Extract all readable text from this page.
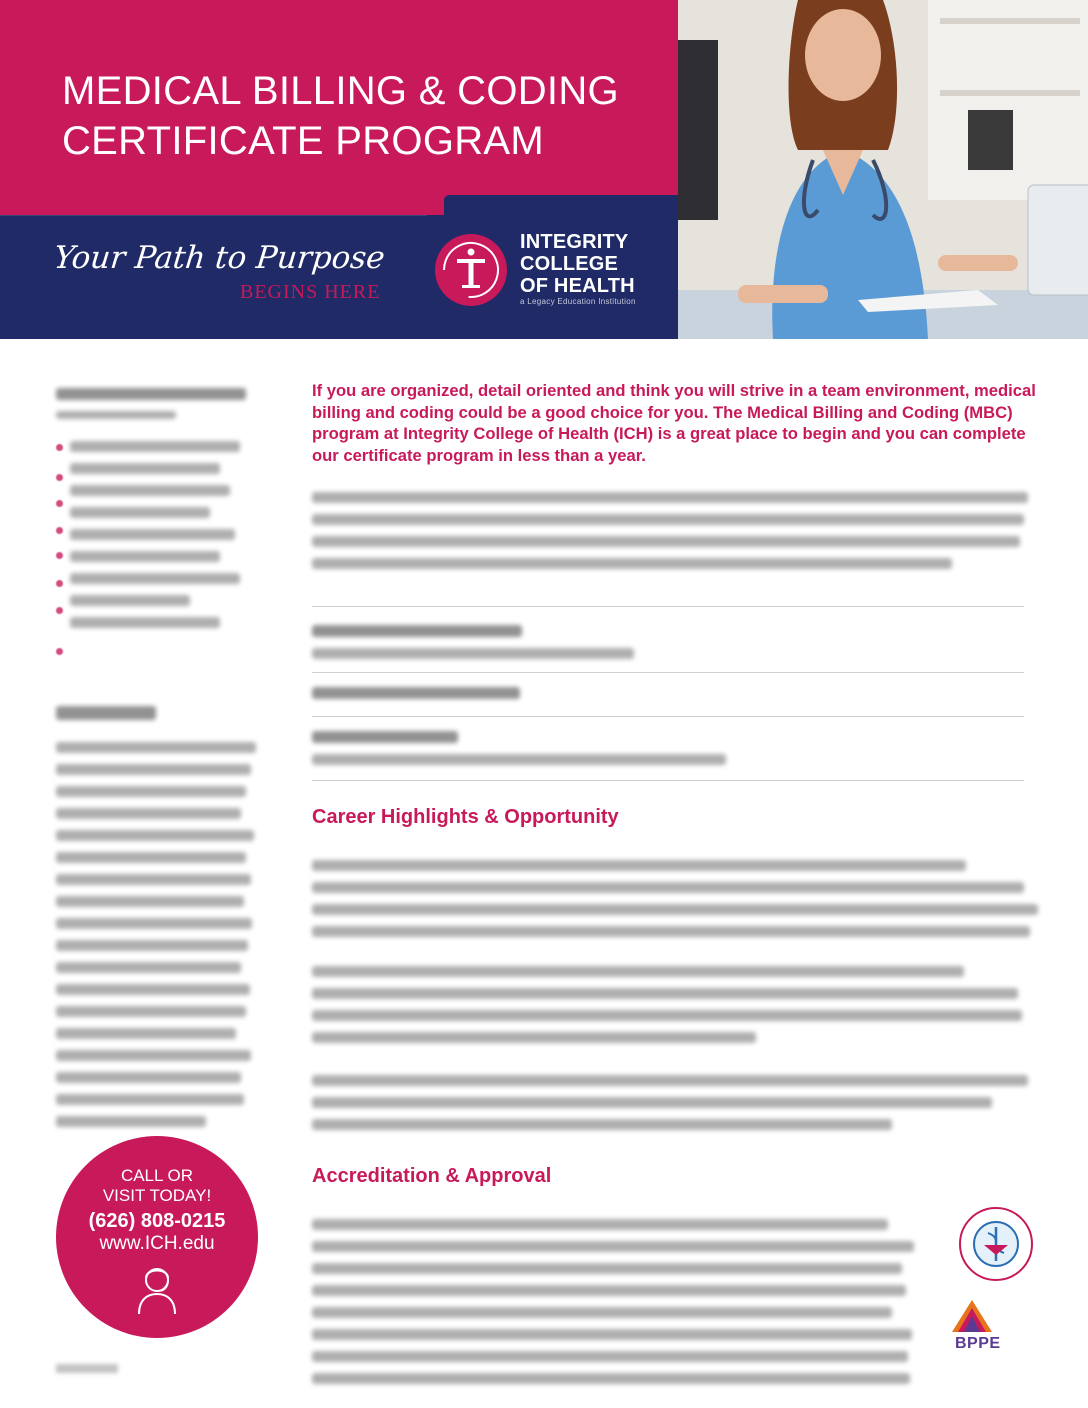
MEDICAL BILLING & CODING
CERTIFICATE PROGRAM
Your Path to Purpose
BEGINS HERE
INTEGRITY
COLLEGE
OF HEALTH
a Legacy Education Institution

If you are organized, detail oriented and think you will strive in a team environment, medical billing and coding could be a good choice for you. The Medical Billing and Coding (MBC) program at Integrity College of Health (ICH) is a great place to begin and you can complete our certificate program in less than a year.

Career Highlights & Opportunity
Accreditation & Approval
CALL OR
VISIT TODAY!
(626) 808-0215
www.ICH.edu
BPPE
